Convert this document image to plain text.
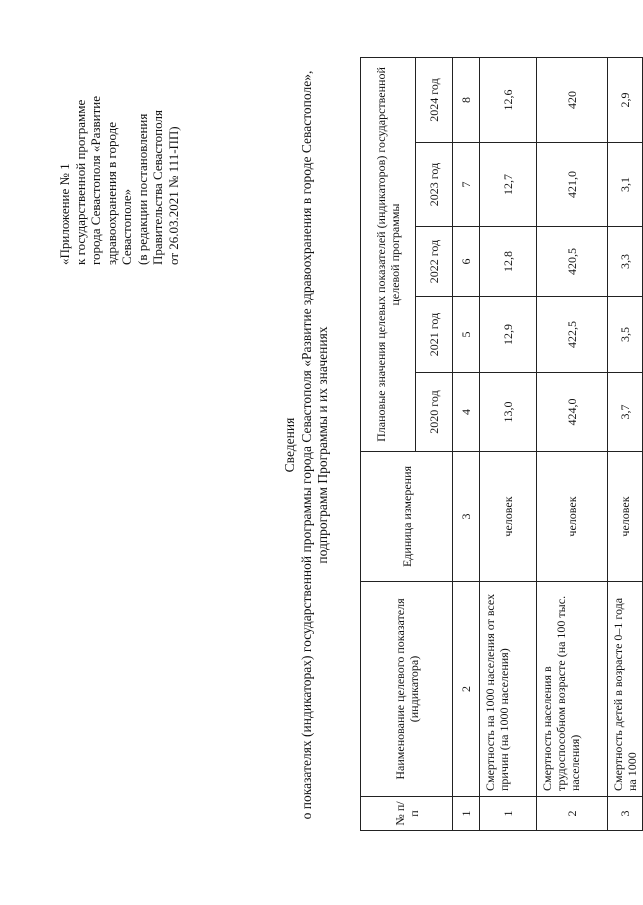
«Приложение № 1
к государственной программе
города Севастополя «Развитие
здравоохранения в городе
Севастополе»
(в редакции постановления
Правительства Севастополя
от 26.03.2021 № 111-ПП)
Сведения о показателях (индикаторах) государственной программы города Севастополя «Развитие здравоохранения в городе Севастополе», подпрограмм Программы и их значениях
№ п/п	Наименование целевого показателя (индикатора)	Единица измерения	Плановые значения целевых показателей (индикаторов) государственной целевой программы				
			2020 год	2021 год	2022 год	2023 год	2024 год
1	2	3	4	5	6	7	8
1	Смертность на 1000 населения от всех причин (на 1000 населения)	человек	13,0	12,9	12,8	12,7	12,6
2	Смертность населения в трудоспособном возрасте (на 100 тыс. населения)	человек	424,0	422,5	420,5	421,0	420
3	Смертность детей в возрасте 0–1 года на 1000	человек	3,7	3,5	3,3	3,1	2,9
